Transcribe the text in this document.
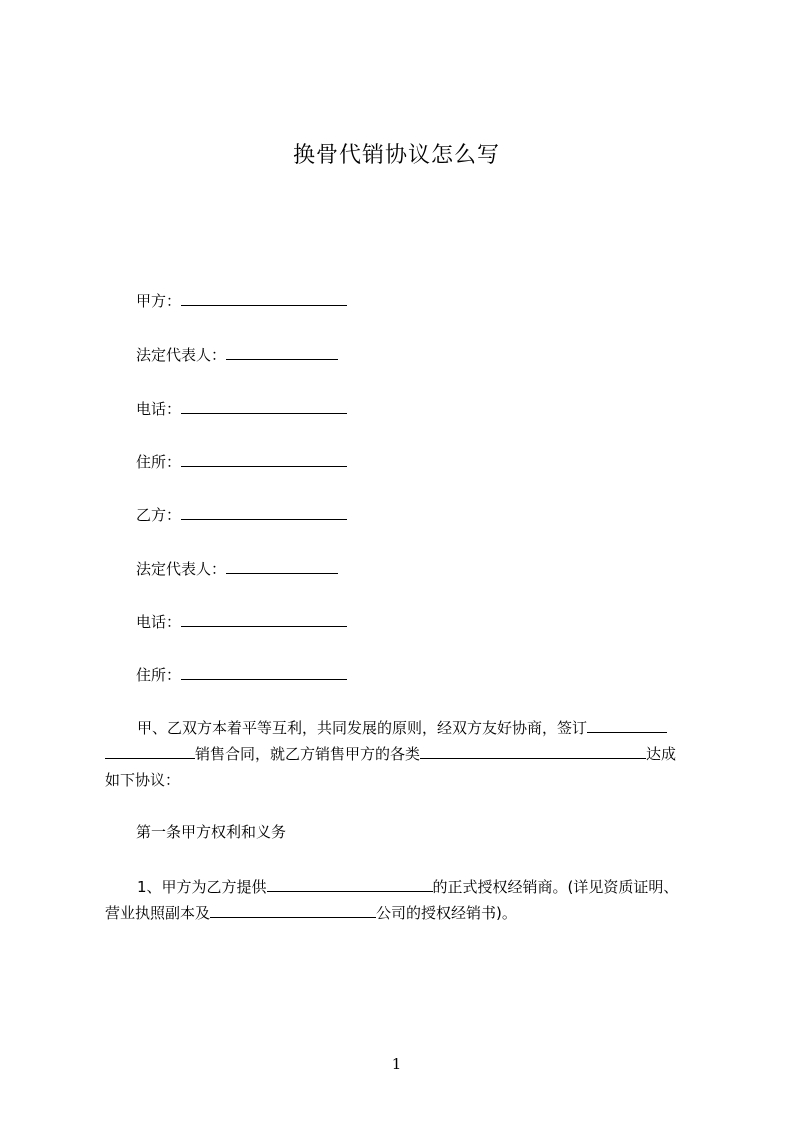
换骨代销协议怎么写
甲方：
法定代表人：
电话：
住所：
乙方：
法定代表人：
电话：
住所：
甲、乙双方本着平等互利，共同发展的原则，经双方友好协商，签订
销售合同，就乙方销售甲方的各类	达成
如下协议：
第一条甲方权利和义务
1、甲方为乙方提供	的正式授权经销商。(详见资质证明、
营业执照副本及	公司的授权经销书)。
1
